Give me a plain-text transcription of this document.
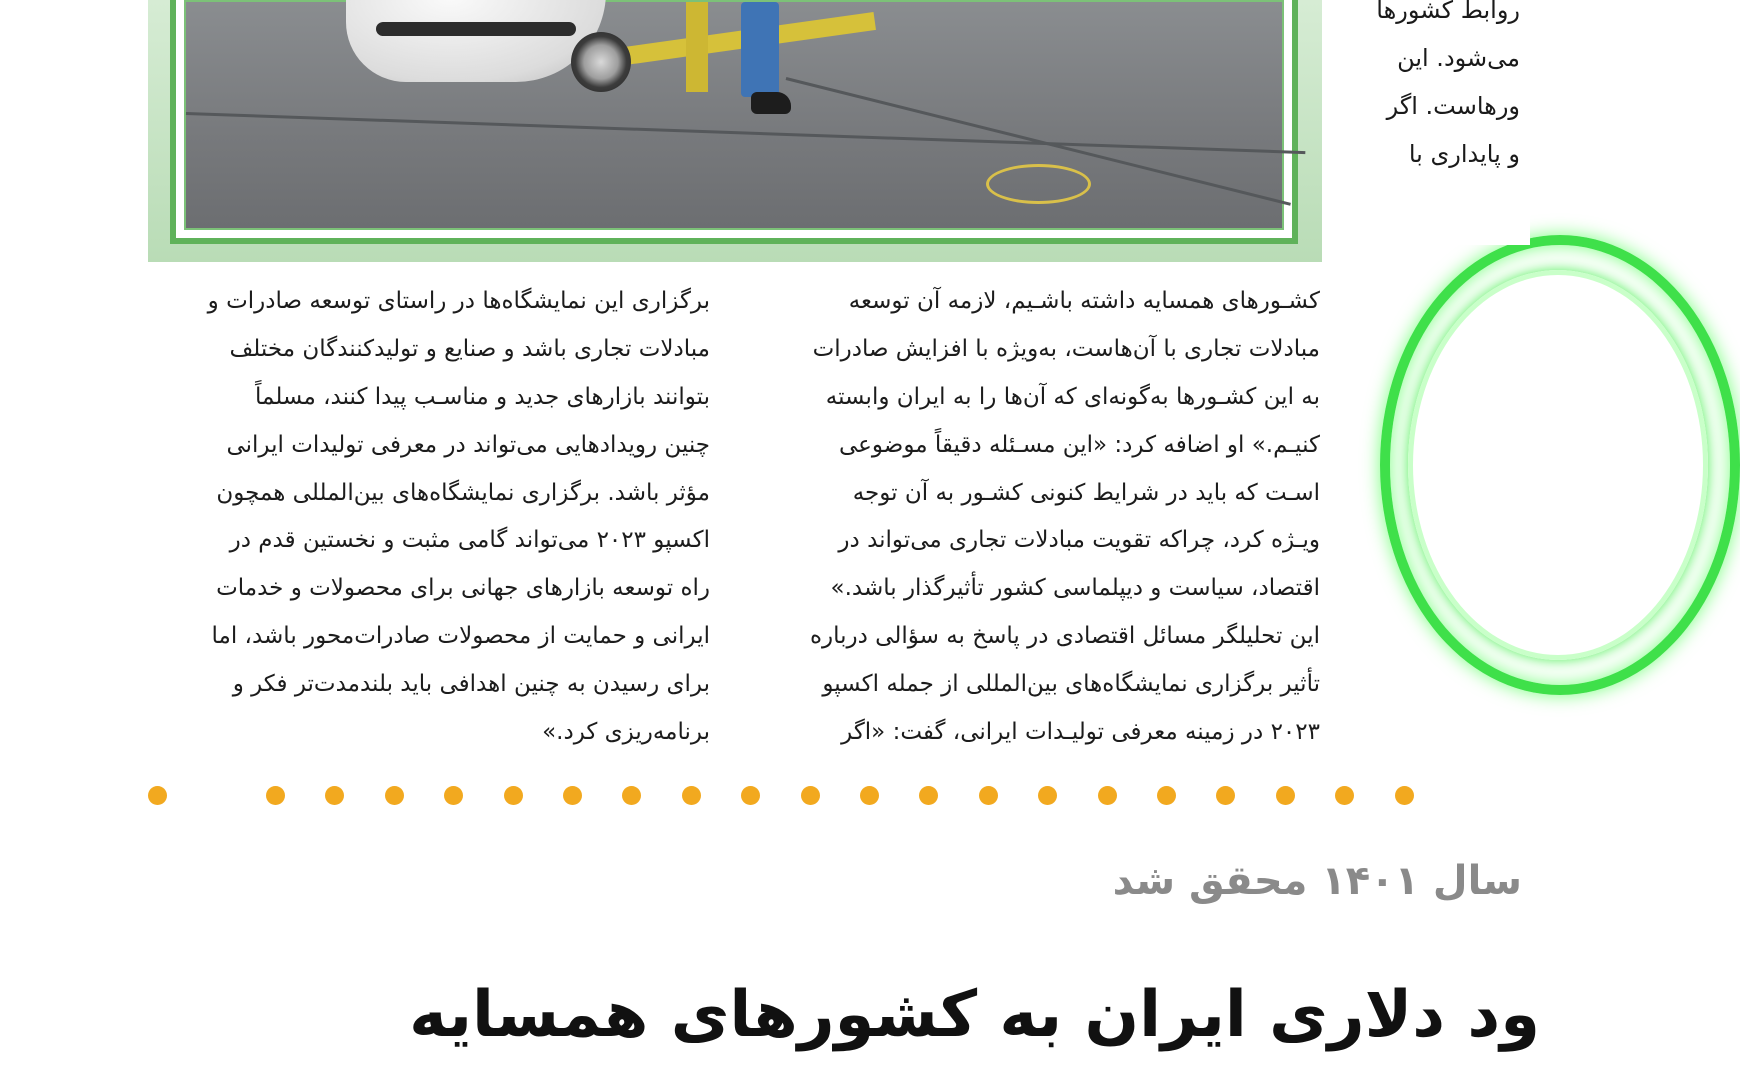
روابط کشورها
می‌شود. این
ورهاست. اگر
و پایداری با
کشـورهای همسایه داشته باشـیم، لازمه آن توسعه
مبادلات تجاری با آن‌هاست، به‌ویژه با افزایش صادرات
به این کشـورها به‌گونه‌ای که آن‌ها را به ایران وابسته
کنیـم.» او اضافه کرد: «این مسـئله دقیقاً موضوعی
اسـت که باید در شرایط کنونی کشـور به آن توجه
ویـژه کرد، چراکه تقویت مبادلات تجاری می‌تواند در
اقتصاد، سیاست و دیپلماسی کشور تأثیرگذار باشد.»
این تحلیلگر مسائل اقتصادی در پاسخ به سؤالی درباره
تأثیر برگزاری نمایشگاه‌های بین‌المللی از جمله اکسپو
۲۰۲۳ در زمینه معرفی تولیـدات ایرانی، گفت: «اگر
برگزاری این نمایشگاه‌ها در راستای توسعه صادرات و
مبادلات تجاری باشد و صنایع و تولیدکنندگان مختلف
بتوانند بازارهای جدید و مناسـب پیدا کنند، مسلماً
چنین رویدادهایی می‌تواند در معرفی تولیدات ایرانی
مؤثر باشد. برگزاری نمایشگاه‌های بین‌المللی همچون
اکسپو ۲۰۲۳ می‌تواند گامی مثبت و نخستین قدم در
راه توسعه بازارهای جهانی برای محصولات و خدمات
ایرانی و حمایت از محصولات صادرات‌محور باشد، اما
برای رسیدن به چنین اهدافی باید بلندمدت‌تر فکر و
برنامه‌ریزی کرد.»
سال ۱۴۰۱ محقق شد
ود دلاری ایران به کشورهای همسایه
